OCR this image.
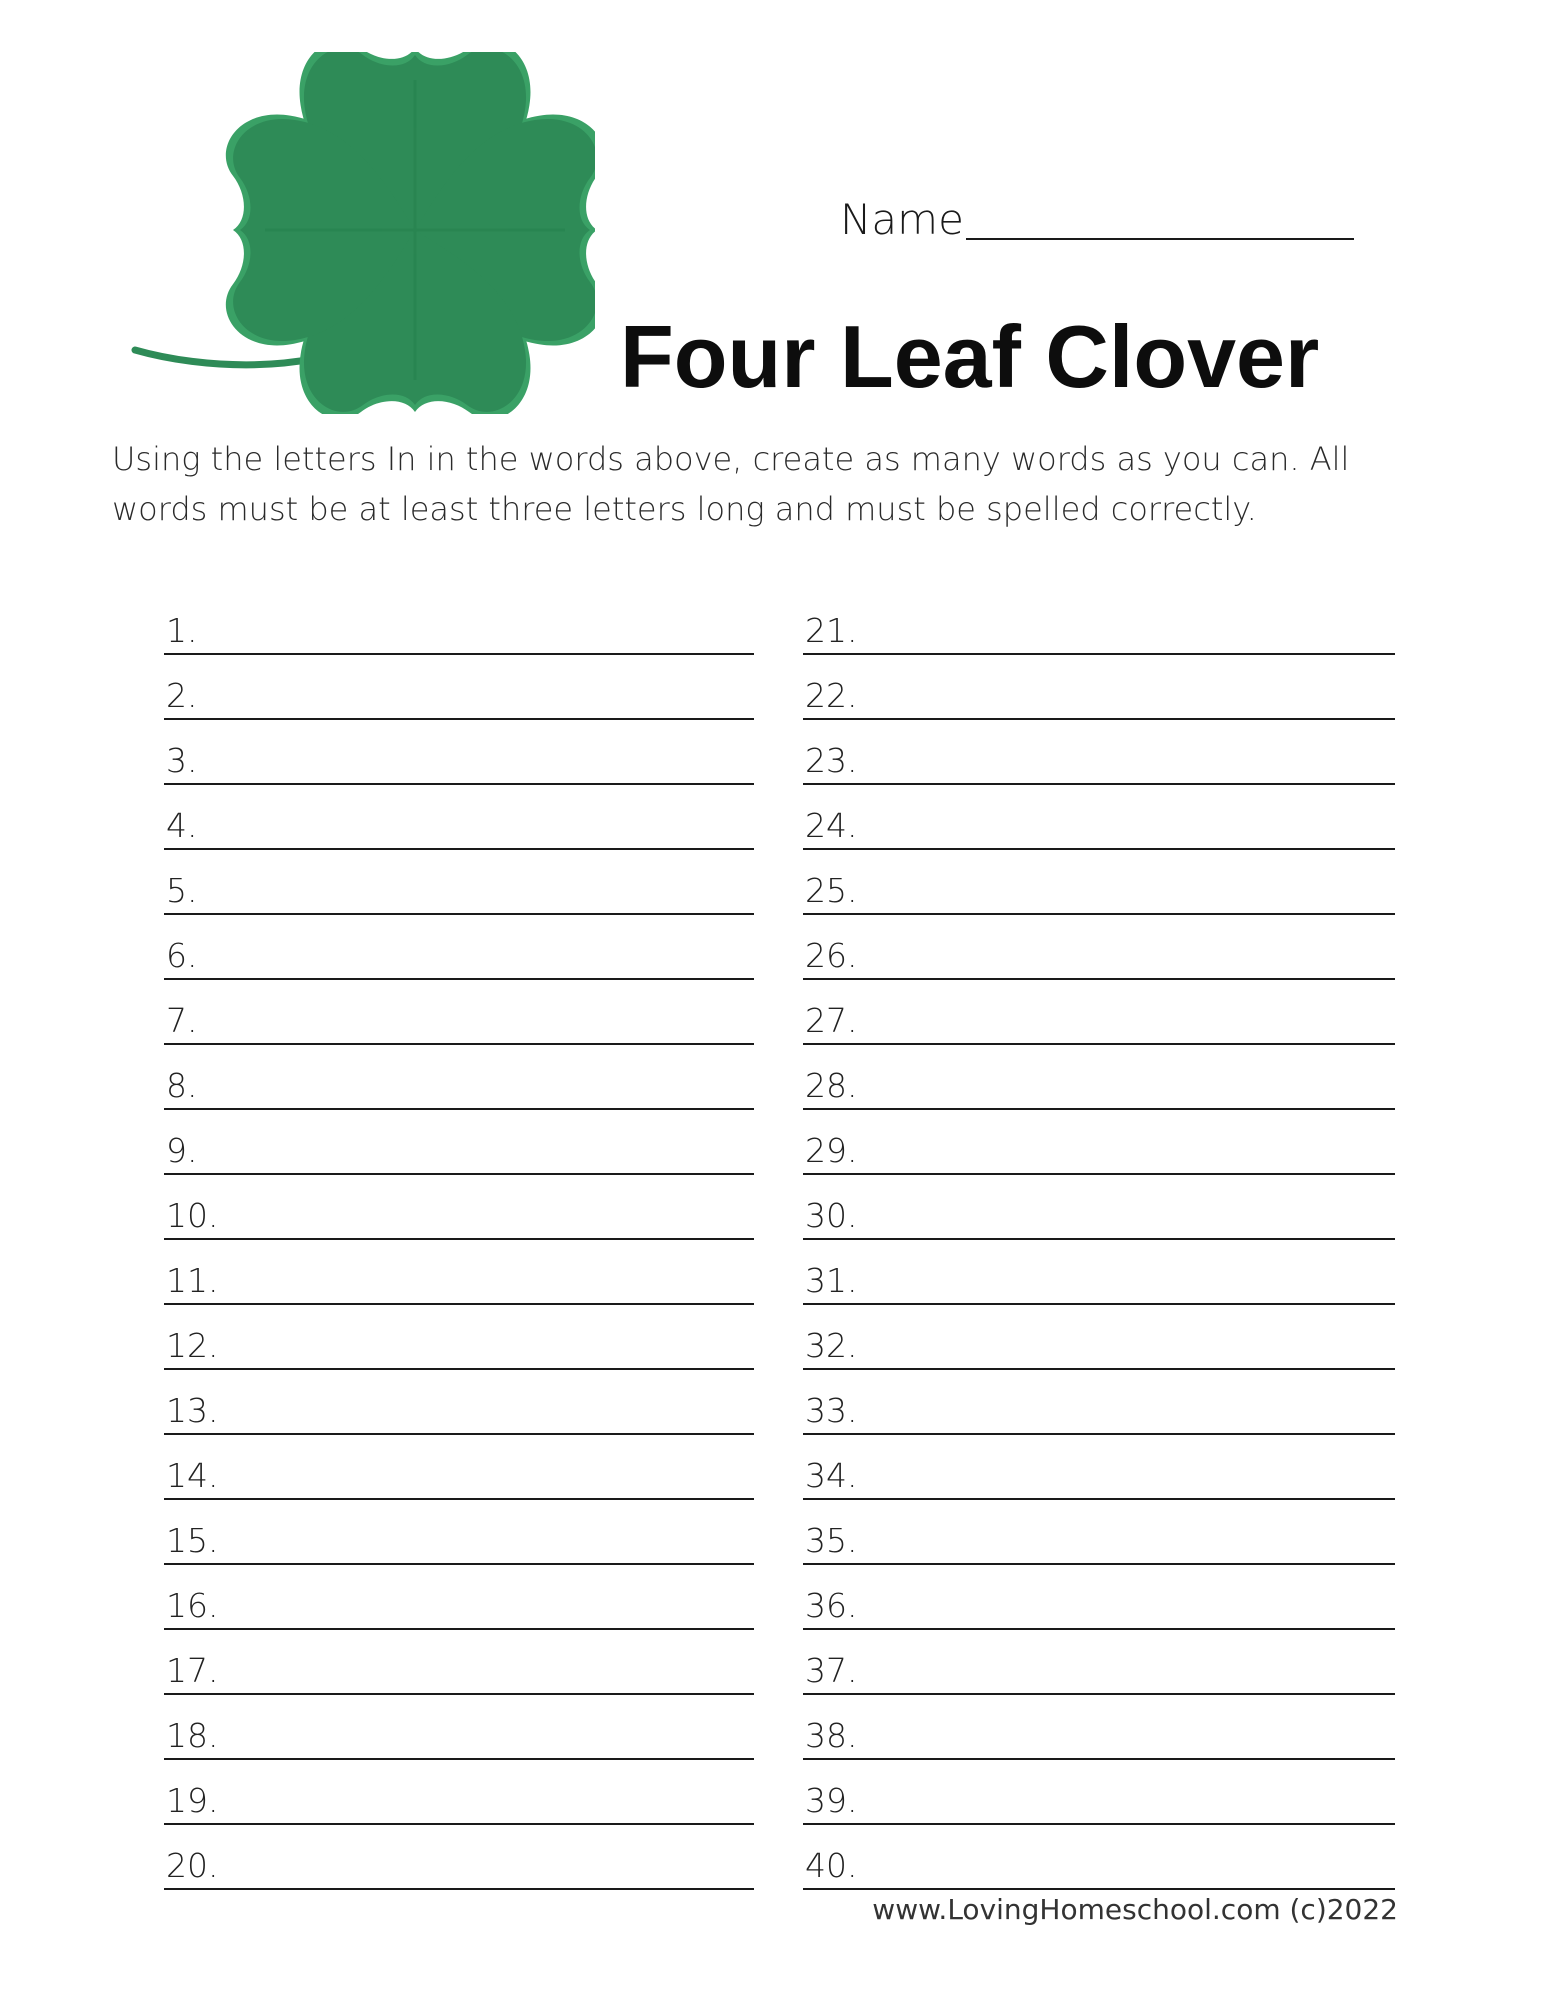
Name
Four Leaf Clover
Using the letters In in the words above, create as many words as you can. All words must be at least three letters long and must be spelled correctly.
1.
2.
3.
4.
5.
6.
7.
8.
9.
10.
11.
12.
13.
14.
15.
16.
17.
18.
19.
20.
21.
22.
23.
24.
25.
26.
27.
28.
29.
30.
31.
32.
33.
34.
35.
36.
37.
38.
39.
40.
www.LovingHomeschool.com (c)2022
